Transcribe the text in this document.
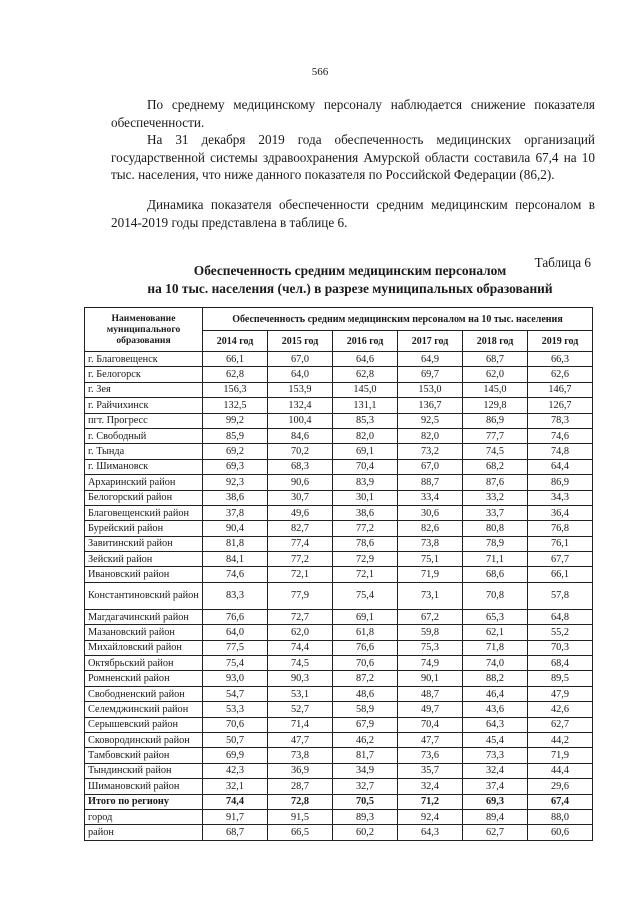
566

По среднему медицинскому персоналу наблюдается снижение показателя обеспеченности.

На 31 декабря 2019 года обеспеченность медицинских организаций государственной системы здравоохранения Амурской области составила 67,4 на 10 тыс. населения, что ниже данного показателя по Российской Федерации (86,2).

Динамика показателя обеспеченности средним медицинским персоналом в 2014-2019 годы представлена в таблице 6.

Таблица 6
Обеспеченность средним медицинским персоналом
на 10 тыс. населения (чел.) в разрезе муниципальных образований
Наименование муниципального образования	Обеспеченность средним медицинским персоналом на 10 тыс. населения					
	2014 год	2015 год	2016 год	2017 год	2018 год	2019 год
г. Благовещенск	66,1	67,0	64,6	64,9	68,7	66,3
г. Белогорск	62,8	64,0	62,8	69,7	62,0	62,6
г. Зея	156,3	153,9	145,0	153,0	145,0	146,7
г. Райчихинск	132,5	132,4	131,1	136,7	129,8	126,7
пгт. Прогресс	99,2	100,4	85,3	92,5	86,9	78,3
г. Свободный	85,9	84,6	82,0	82,0	77,7	74,6
г. Тында	69,2	70,2	69,1	73,2	74,5	74,8
г. Шимановск	69,3	68,3	70,4	67,0	68,2	64,4
Архаринский район	92,3	90,6	83,9	88,7	87,6	86,9
Белогорский район	38,6	30,7	30,1	33,4	33,2	34,3
Благовещенский район	37,8	49,6	38,6	30,6	33,7	36,4
Бурейский район	90,4	82,7	77,2	82,6	80,8	76,8
Завитинский район	81,8	77,4	78,6	73,8	78,9	76,1
Зейский район	84,1	77,2	72,9	75,1	71,1	67,7
Ивановский район	74,6	72,1	72,1	71,9	68,6	66,1
Константиновский район	83,3	77,9	75,4	73,1	70,8	57,8
Магдагачинский район	76,6	72,7	69,1	67,2	65,3	64,8
Мазановский район	64,0	62,0	61,8	59,8	62,1	55,2
Михайловский район	77,5	74,4	76,6	75,3	71,8	70,3
Октябрьский район	75,4	74,5	70,6	74,9	74,0	68,4
Ромненский район	93,0	90,3	87,2	90,1	88,2	89,5
Свободненский район	54,7	53,1	48,6	48,7	46,4	47,9
Селемджинский район	53,3	52,7	58,9	49,7	43,6	42,6
Серышевский район	70,6	71,4	67,9	70,4	64,3	62,7
Сковородинский район	50,7	47,7	46,2	47,7	45,4	44,2
Тамбовский район	69,9	73,8	81,7	73,6	73,3	71,9
Тындинский район	42,3	36,9	34,9	35,7	32,4	44,4
Шимановский район	32,1	28,7	32,7	32,4	37,4	29,6
Итого по региону	74,4	72,8	70,5	71,2	69,3	67,4
город	91,7	91,5	89,3	92,4	89,4	88,0
район	68,7	66,5	60,2	64,3	62,7	60,6
